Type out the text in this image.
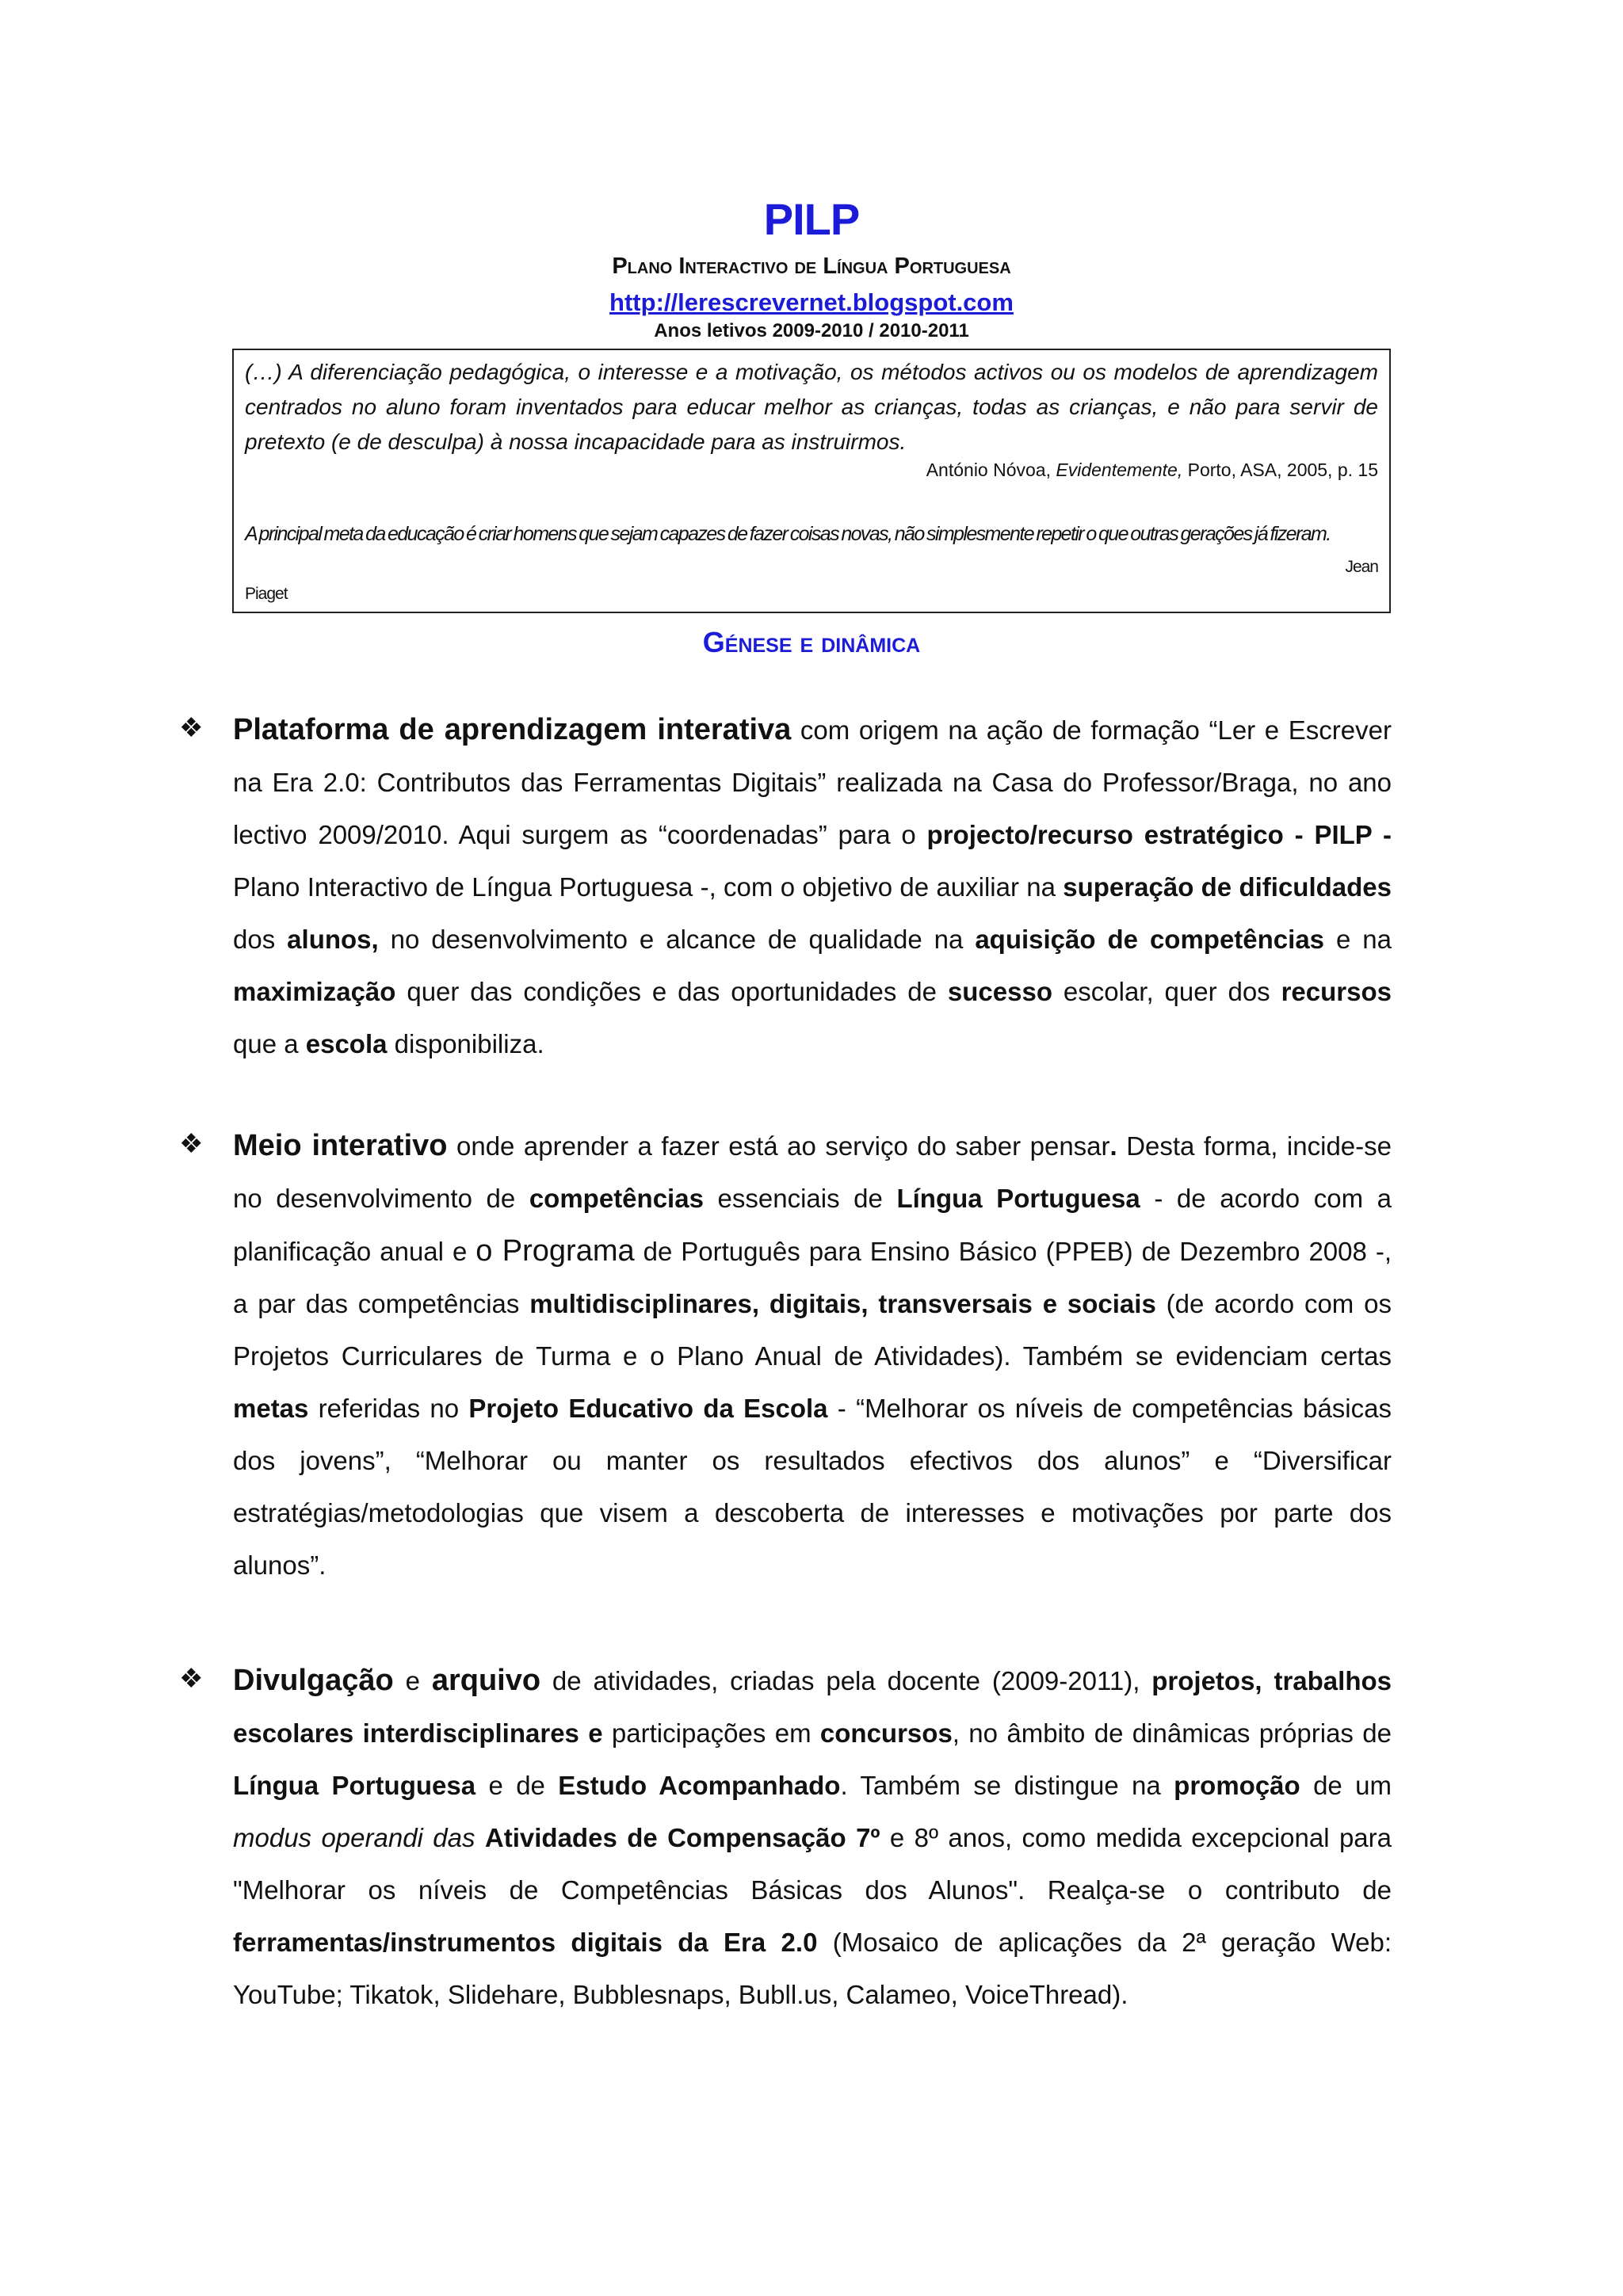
PILP
Plano Interactivo de Língua Portuguesa
http://lerescrevernet.blogspot.com
Anos letivos 2009-2010 / 2010-2011
(…) A diferenciação pedagógica, o interesse e a motivação, os métodos activos ou os modelos de aprendizagem centrados no aluno foram inventados para educar melhor as crianças, todas as crianças, e não para servir de pretexto (e de desculpa) à nossa incapacidade para as instruirmos.
António Nóvoa, Evidentemente, Porto, ASA, 2005, p. 15
A principal meta da educação é criar homens que sejam capazes de fazer coisas novas, não simplesmente repetir o que outras gerações já fizeram.
Jean
Piaget
Génese e dinâmica
❖ Plataforma de aprendizagem interativa com origem na ação de formação “Ler e Escrever na Era 2.0: Contributos das Ferramentas Digitais” realizada na Casa do Professor/Braga, no ano lectivo 2009/2010. Aqui surgem as “coordenadas” para o projecto/recurso estratégico - PILP - Plano Interactivo de Língua Portuguesa -, com o objetivo de auxiliar na superação de dificuldades dos alunos, no desenvolvimento e alcance de qualidade na aquisição de competências e na maximização quer das condições e das oportunidades de sucesso escolar, quer dos recursos que a escola disponibiliza.
❖ Meio interativo onde aprender a fazer está ao serviço do saber pensar. Desta forma, incide-se no desenvolvimento de competências essenciais de Língua Portuguesa - de acordo com a planificação anual e o Programa de Português para Ensino Básico (PPEB) de Dezembro 2008 -, a par das competências multidisciplinares, digitais, transversais e sociais (de acordo com os Projetos Curriculares de Turma e o Plano Anual de Atividades). Também se evidenciam certas metas referidas no Projeto Educativo da Escola - “Melhorar os níveis de competências básicas dos jovens”, “Melhorar ou manter os resultados efectivos dos alunos” e “Diversificar estratégias/metodologias que visem a descoberta de interesses e motivações por parte dos alunos”.
❖ Divulgação e arquivo de atividades, criadas pela docente (2009-2011), projetos, trabalhos escolares interdisciplinares e participações em concursos, no âmbito de dinâmicas próprias de Língua Portuguesa e de Estudo Acompanhado. Também se distingue na promoção de um modus operandi das Atividades de Compensação 7º e 8º anos, como medida excepcional para "Melhorar os níveis de Competências Básicas dos Alunos". Realça-se o contributo de ferramentas/instrumentos digitais da Era 2.0 (Mosaico de aplicações da 2ª geração Web: YouTube; Tikatok, Slidehare, Bubblesnaps, Bubll.us, Calameo, VoiceThread).
